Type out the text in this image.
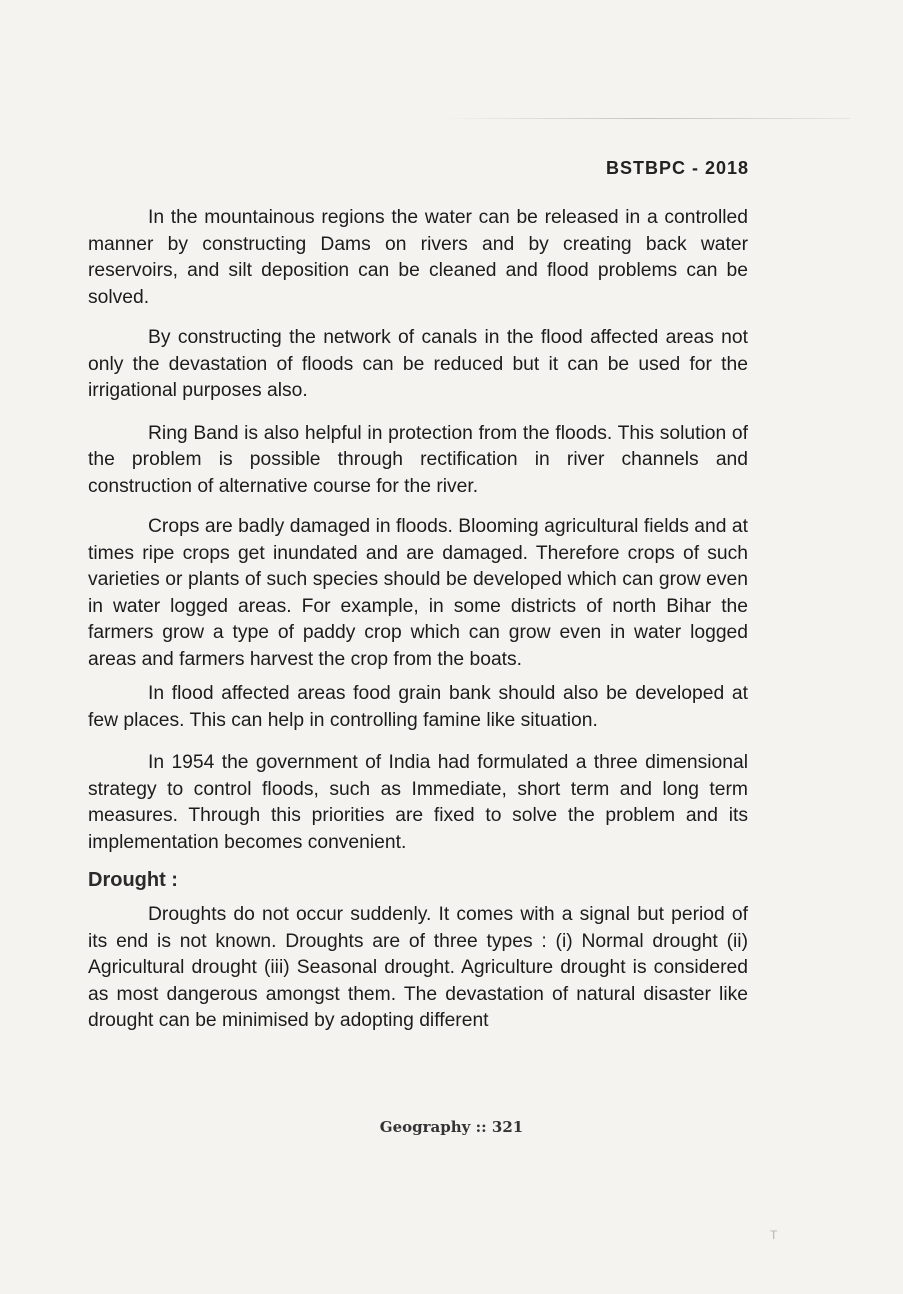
BSTBPC - 2018

In the mountainous regions the water can be released in a controlled manner by constructing Dams on rivers and by creating back water reservoirs, and silt deposition can be cleaned and flood problems can be solved.

By constructing the network of canals in the flood affected areas not only the devastation of floods can be reduced but it can be used for the irrigational purposes also.

Ring Band is also helpful in protection from the floods. This solution of the problem is possible through rectification in river channels and construction of alternative course for the river.

Crops are badly damaged in floods. Blooming agricultural fields and at times ripe crops get inundated and are damaged. Therefore crops of such varieties or plants of such species should be developed which can grow even in water logged areas. For example, in some districts of north Bihar the farmers grow a type of paddy crop which can grow even in water logged areas and farmers harvest the crop from the boats.

In flood affected areas food grain bank should also be developed at few places. This can help in controlling famine like situation.

In 1954 the government of India had formulated a three dimensional strategy to control floods, such as Immediate, short term and long term measures. Through this priorities are fixed to solve the problem and its implementation becomes convenient.

Drought :

Droughts do not occur suddenly. It comes with a signal but period of its end is not known. Droughts are of three types : (i) Normal drought (ii) Agricultural drought (iii) Seasonal drought. Agriculture drought is considered as most dangerous amongst them. The devastation of natural disaster like drought can be minimised by adopting different

Geography :: 321
T
